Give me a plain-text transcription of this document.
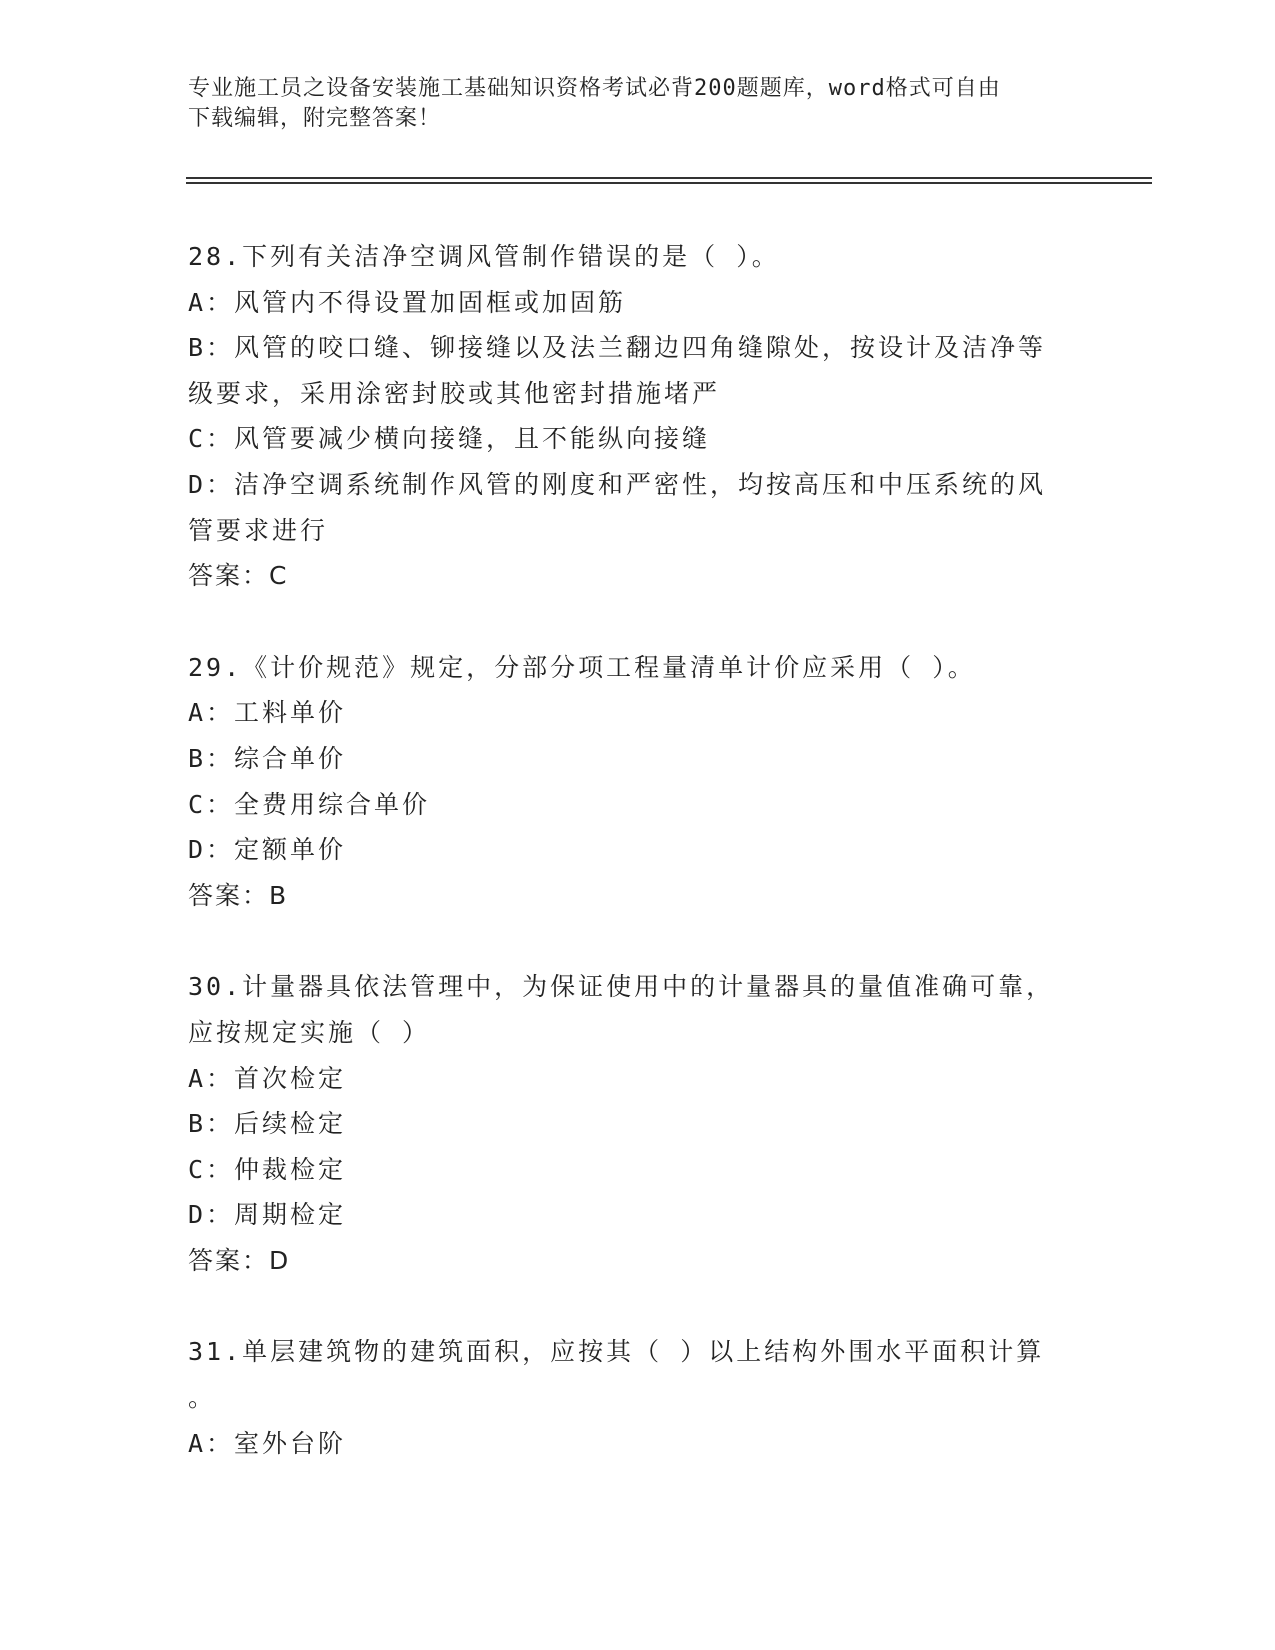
专业施工员之设备安装施工基础知识资格考试必背200题题库，word格式可自由
下载编辑，附完整答案！
28.下列有关洁净空调风管制作错误的是（ ）。
A：风管内不得设置加固框或加固筋
B：风管的咬口缝、铆接缝以及法兰翻边四角缝隙处，按设计及洁净等
级要求，采用涂密封胶或其他密封措施堵严
C：风管要减少横向接缝，且不能纵向接缝
D：洁净空调系统制作风管的刚度和严密性，均按高压和中压系统的风
管要求进行
答案：C
29.《计价规范》规定，分部分项工程量清单计价应采用（ ）。
A：工料单价
B：综合单价
C：全费用综合单价
D：定额单价
答案：B
30.计量器具依法管理中，为保证使用中的计量器具的量值准确可靠，
应按规定实施（ ）
A：首次检定
B：后续检定
C：仲裁检定
D：周期检定
答案：D
31.单层建筑物的建筑面积，应按其（ ）以上结构外围水平面积计算
。
A：室外台阶
